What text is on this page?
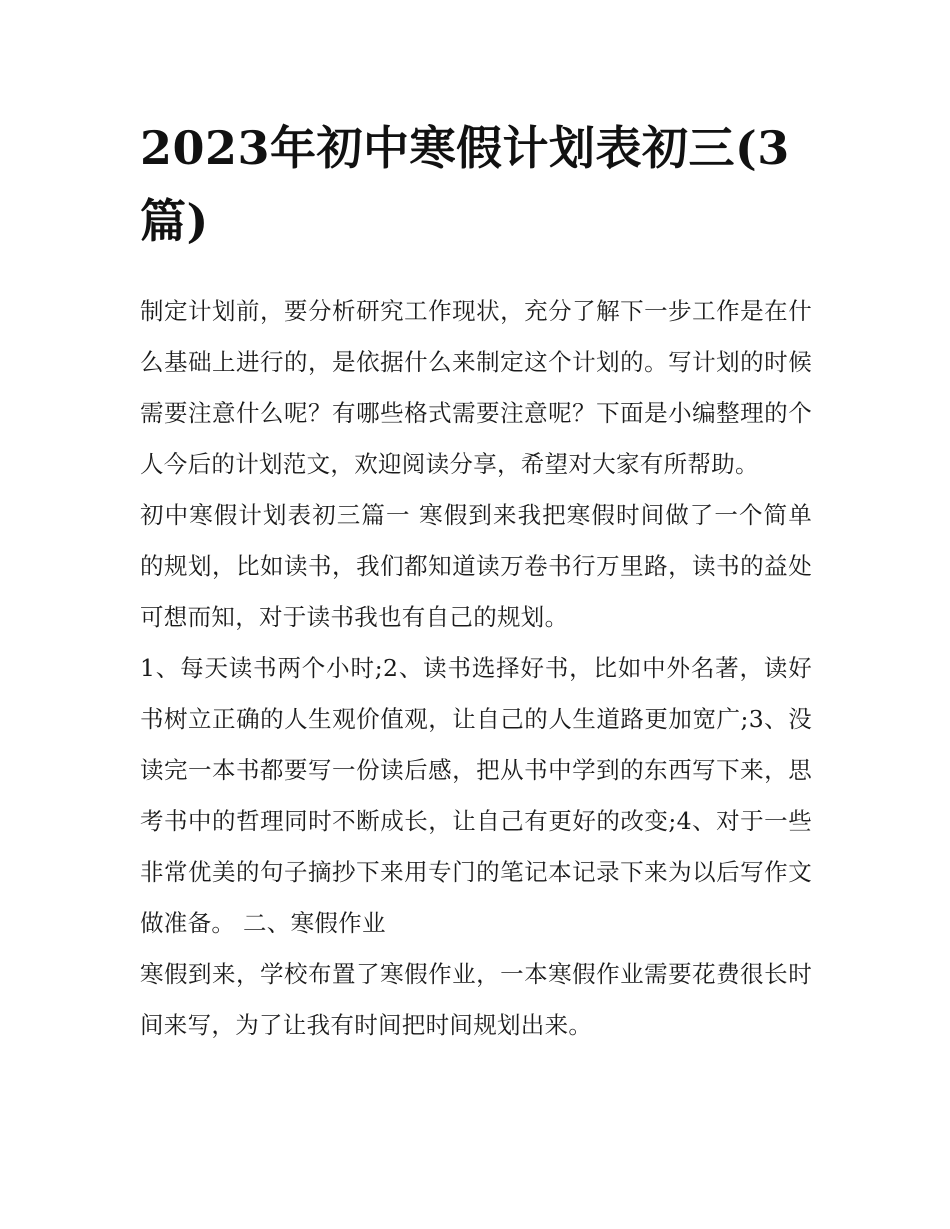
2023年初中寒假计划表初三(3篇)

制定计划前，要分析研究工作现状，充分了解下一步工作是在什么基础上进行的，是依据什么来制定这个计划的。写计划的时候需要注意什么呢？有哪些格式需要注意呢？下面是小编整理的个人今后的计划范文，欢迎阅读分享，希望对大家有所帮助。

初中寒假计划表初三篇一 寒假到来我把寒假时间做了一个简单的规划，比如读书，我们都知道读万卷书行万里路，读书的益处可想而知，对于读书我也有自己的规划。

1、每天读书两个小时;2、读书选择好书，比如中外名著，读好书树立正确的人生观价值观，让自己的人生道路更加宽广;3、没读完一本书都要写一份读后感，把从书中学到的东西写下来，思考书中的哲理同时不断成长，让自己有更好的改变;4、对于一些非常优美的句子摘抄下来用专门的笔记本记录下来为以后写作文做准备。 二、寒假作业

寒假到来，学校布置了寒假作业，一本寒假作业需要花费很长时间来写，为了让我有时间把时间规划出来。
